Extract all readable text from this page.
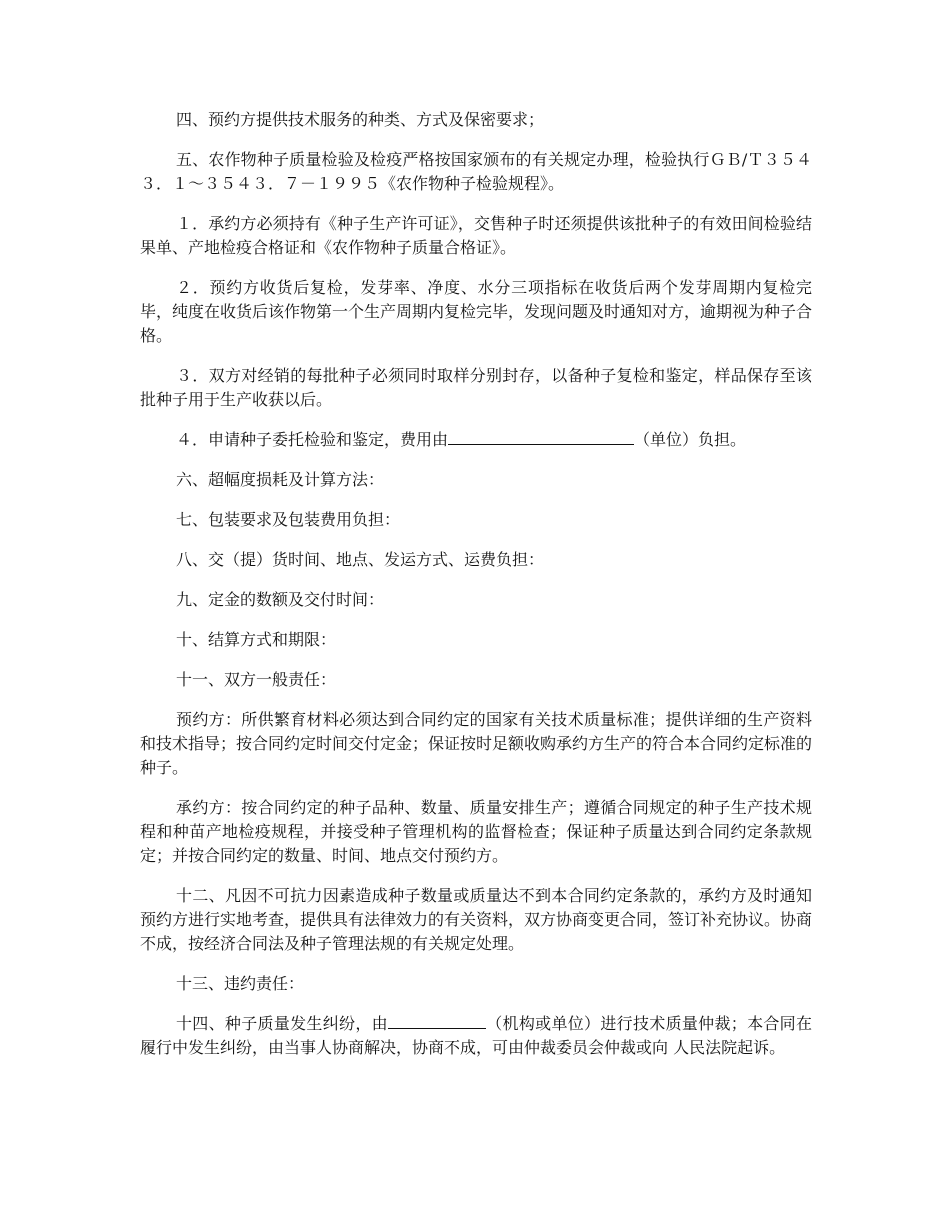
四、预约方提供技术服务的种类、方式及保密要求；

五、农作物种子质量检验及检疫严格按国家颁布的有关规定办理，检验执行ＧＢ/Ｔ３５４３．１～３５４３．７－１９９５《农作物种子检验规程》。

１．承约方必须持有《种子生产许可证》，交售种子时还须提供该批种子的有效田间检验结果单、产地检疫合格证和《农作物种子质量合格证》。

２．预约方收货后复检，发芽率、净度、水分三项指标在收货后两个发芽周期内复检完毕，纯度在收货后该作物第一个生产周期内复检完毕，发现问题及时通知对方，逾期视为种子合格。

３．双方对经销的每批种子必须同时取样分别封存，以备种子复检和鉴定，样品保存至该批种子用于生产收获以后。

４．申请种子委托检验和鉴定，费用由	（单位）负担。

六、超幅度损耗及计算方法：

七、包装要求及包装费用负担：

八、交（提）货时间、地点、发运方式、运费负担：

九、定金的数额及交付时间：

十、结算方式和期限：

十一、双方一般责任：

预约方：所供繁育材料必须达到合同约定的国家有关技术质量标准；提供详细的生产资料和技术指导；按合同约定时间交付定金；保证按时足额收购承约方生产的符合本合同约定标准的种子。

承约方：按合同约定的种子品种、数量、质量安排生产；遵循合同规定的种子生产技术规程和种苗产地检疫规程，并接受种子管理机构的监督检查；保证种子质量达到合同约定条款规定；并按合同约定的数量、时间、地点交付预约方。

十二、凡因不可抗力因素造成种子数量或质量达不到本合同约定条款的，承约方及时通知预约方进行实地考查，提供具有法律效力的有关资料，双方协商变更合同，签订补充协议。协商不成，按经济合同法及种子管理法规的有关规定处理。

十三、违约责任：

十四、种子质量发生纠纷，由	（机构或单位）进行技术质量仲裁；本合同在履行中发生纠纷，由当事人协商解决，协商不成，可由仲裁委员会仲裁或向 人民法院起诉。
